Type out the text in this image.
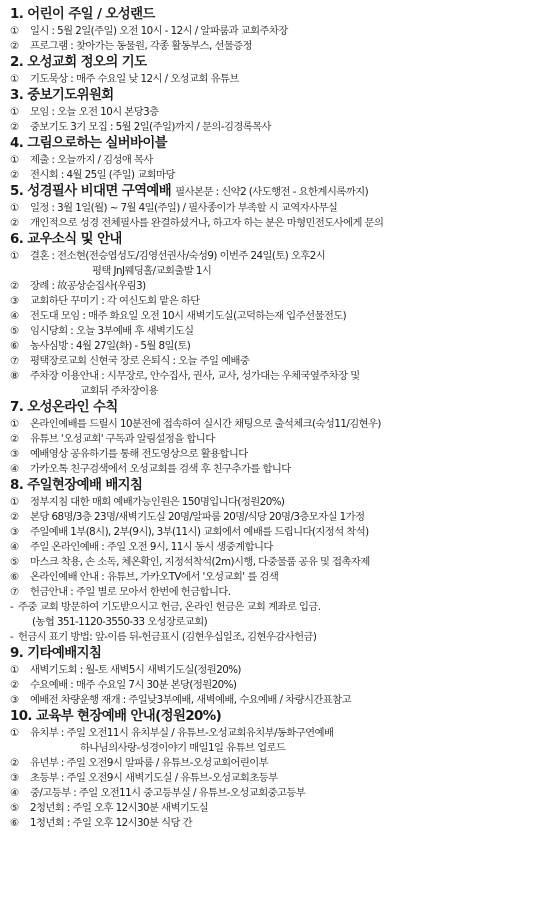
1. 어린이 주일 / 오성랜드
①	일시 : 5월 2일(주일) 오전 10시 - 12시 / 알파룸과 교회주차장
②	프로그램 : 찾아가는 동물원, 각종 활동부스, 선물증정
2. 오성교회 정오의 기도
①	기도묵상 : 매주 수요일 낮 12시 / 오성교회 유튜브
3. 중보기도위원회
①	모임 : 오늘 오전 10시 본당3층
②	중보기도 3기 모집 : 5월 2일(주일)까지 / 문의-김경록목사
4. 그림으로하는 실버바이블
①	제출 : 오늘까지 / 김성애 목사
②	전시회 : 4월 25일 (주일) 교회마당
5. 성경필사 비대면 구역예배 필사본문 : 신약2 (사도행전 - 요한계시록까지)
①	일정 : 3월 1일(월) ~ 7월 4일(주일) / 필사종이가 부족할 시 교역자사무실
②	개인적으로 성경 전체필사를 완결하셨거나, 하고자 하는 분은 마형민전도사에게 문의
6. 교우소식 및 안내
①	결혼 : 전소현(전승엽성도/김영선권사/숙성9) 이번주 24일(토) 오후2시
평택 JnJ웨딩홀/교회출발 1시
②	장례 : 故공상순집사(우림3)
③	교회하단 꾸미기 : 각 여신도회 맡은 하단
④	전도대 모임 : 매주 화요일 오전 10시 새벽기도실(고덕하는재 입주선물전도)
⑤	임시당회 : 오늘 3부예배 후 새벽기도실
⑥	농사심방 : 4월 27일(화) - 5월 8일(토)
⑦	평택장로교회 신현국 장로 은퇴식 : 오늘 주일 예배중
⑧	주차장 이용안내 : 시무장로, 안수집사, 권사, 교사, 성가대는 우체국옆주차장 및
교회뒤 주차장이용
7. 오성온라인 수칙
①	온라인예배를 드릴시 10분전에 접속하여 실시간 채팅으로 출석체크(숙성11/김현우)
②	유튜브 '오성교회' 구독과 알림설정을 합니다
③	예배영상 공유하기를 통해 전도영상으로 활용합니다
④	가카오톡 친구검색에서 오성교회를 검색 후 친구추가를 합니다
8. 주일현장예배 배지침
①	정부지침 대한 매회 예배가능인원은 150명입니다(정원20%)
②	본당 68명/3층 23명/새벽기도실 20명/알파룸 20명/식당 20명/3층모자실 1가정
③	주일예배 1부(8시), 2부(9시), 3부(11시) 교회에서 예배를 드립니다(지정석 착석)
④	주일 온라인예배 : 주일 오전 9시, 11시 동시 생중계합니다
⑤	마스크 착용, 손 소독, 체온확인, 지정석착석(2m)시행, 다중물품 공유 및 접촉자제
⑥	온라인예배 안내 : 유튜브, 가카오TV에서 '오성교회' 를 검색
⑦	헌금안내 : 주일 별로 모아서 한번에 헌금합니다.
- 주중 교회 방문하여 기도받으시고 헌금, 온라인 헌금은 교회 계좌로 입금.
(농협 351-1120-3550-33 오성장로교회)
- 헌금시 표기 방법: 앞-이름 뒤-헌금표시 (김현우십일조, 김현우감사헌금)
9. 기타예배지침
①	새벽기도회 : 월-토 새벽5시 새벽기도실(정원20%)
②	수요예배 : 매주 수요일 7시 30분 본당(정원20%)
③	예배전 차량운행 재개 : 주일낮3부예배, 새벽예배, 수요예배 / 차량시간표참고
10. 교육부 현장예배 안내(정원20%)
①	유치부 : 주일 오전11시 유치부실 / 유튜브-오성교회유치부/동화구연예배
하나님의사랑-성경이야기 매일1일 유튜브 업로드
②	유년부 : 주일 오전9시 알파룸 / 유튜브-오성교회어린이부
③	초등부 : 주일 오전9시 새벽기도실 / 유튜브-오성교회초등부
④	중/고등부 : 주일 오전11시 중고등부실 / 유튜브-오성교회중고등부
⑤	2청년회 : 주일 오후 12시30분 새벽기도실
⑥	1청년회 : 주일 오후 12시30분 식당 간
